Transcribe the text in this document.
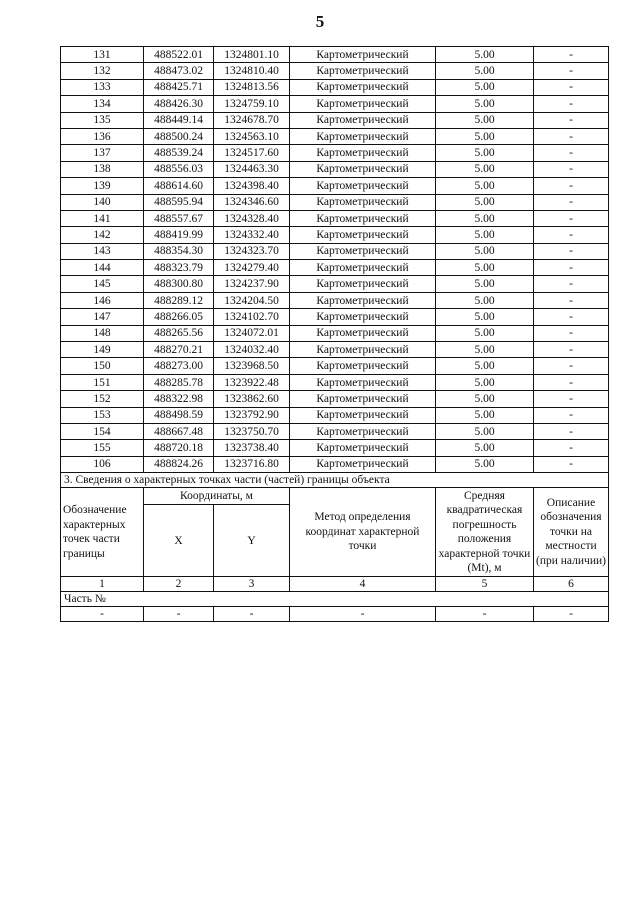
5
131	488522.01	1324801.10	Картометрический	5.00	-
132	488473.02	1324810.40	Картометрический	5.00	-
133	488425.71	1324813.56	Картометрический	5.00	-
134	488426.30	1324759.10	Картометрический	5.00	-
135	488449.14	1324678.70	Картометрический	5.00	-
136	488500.24	1324563.10	Картометрический	5.00	-
137	488539.24	1324517.60	Картометрический	5.00	-
138	488556.03	1324463.30	Картометрический	5.00	-
139	488614.60	1324398.40	Картометрический	5.00	-
140	488595.94	1324346.60	Картометрический	5.00	-
141	488557.67	1324328.40	Картометрический	5.00	-
142	488419.99	1324332.40	Картометрический	5.00	-
143	488354.30	1324323.70	Картометрический	5.00	-
144	488323.79	1324279.40	Картометрический	5.00	-
145	488300.80	1324237.90	Картометрический	5.00	-
146	488289.12	1324204.50	Картометрический	5.00	-
147	488266.05	1324102.70	Картометрический	5.00	-
148	488265.56	1324072.01	Картометрический	5.00	-
149	488270.21	1324032.40	Картометрический	5.00	-
150	488273.00	1323968.50	Картометрический	5.00	-
151	488285.78	1323922.48	Картометрический	5.00	-
152	488322.98	1323862.60	Картометрический	5.00	-
153	488498.59	1323792.90	Картометрический	5.00	-
154	488667.48	1323750.70	Картометрический	5.00	-
155	488720.18	1323738.40	Картометрический	5.00	-
106	488824.26	1323716.80	Картометрический	5.00	-
3. Сведения о характерных точках части (частей) границы объекта					
Обозначение характерных точек части границы	Координаты, м		Метод определения координат характерной точки	Средняя квадратическая погрешность положения характерной точки (Mt), м	Описание обозначения точки на местности (при наличии)
	X	Y			
1	2	3	4	5	6
Часть №					
-	-	-	-	-	-
